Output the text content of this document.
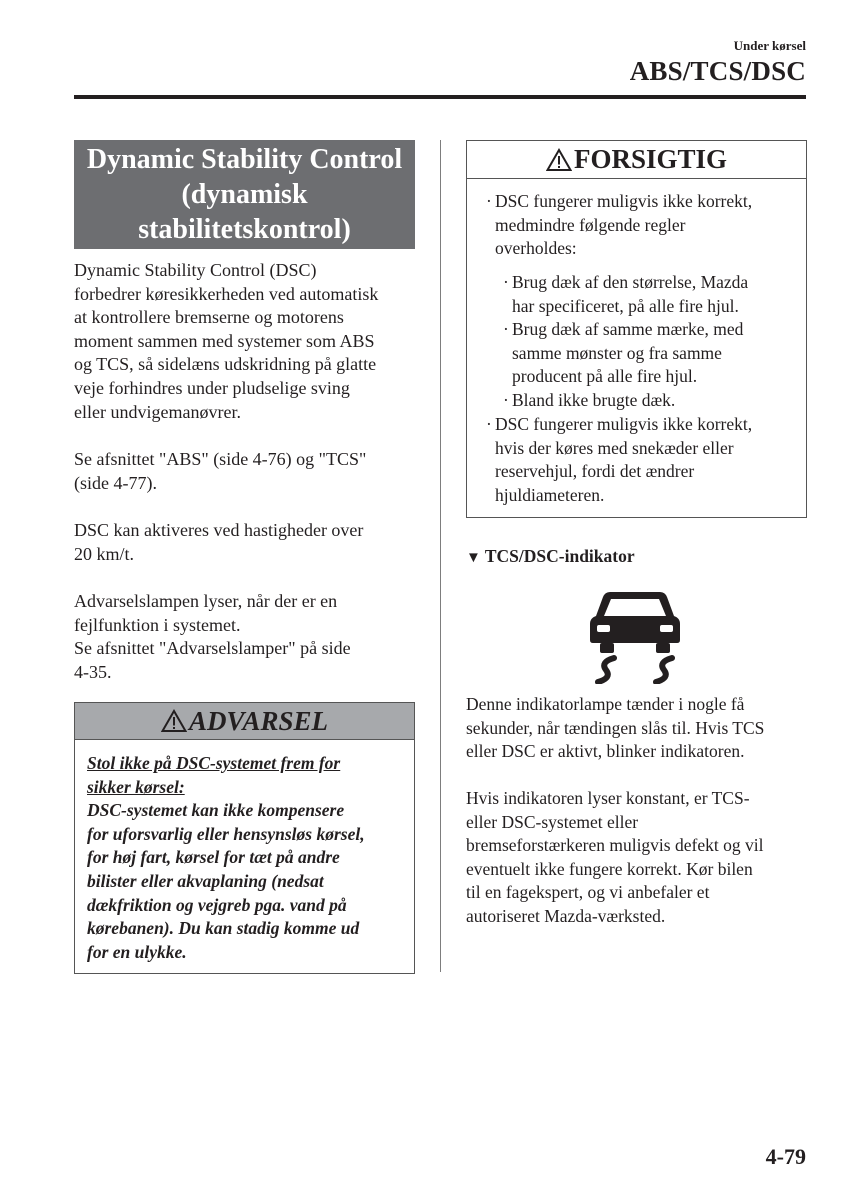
Under kørsel
ABS/TCS/DSC
Dynamic Stability Control
(dynamisk
stabilitetskontrol)
Dynamic Stability Control (DSC)
forbedrer køresikkerheden ved automatisk
at kontrollere bremserne og motorens
moment sammen med systemer som ABS
og TCS, så sidelæns udskridning på glatte
veje forhindres under pludselige sving
eller undvigemanøvrer.
Se afsnittet "ABS" (side 4-76) og "TCS"
(side 4-77).
DSC kan aktiveres ved hastigheder over
20 km/t.
Advarselslampen lyser, når der er en
fejlfunktion i systemet.
Se afsnittet "Advarselslamper" på side
4-35.
ADVARSEL
Stol ikke på DSC-systemet frem for
sikker kørsel:
DSC-systemet kan ikke kompensere
for uforsvarlig eller hensynsløs kørsel,
for høj fart, kørsel for tæt på andre
bilister eller akvaplaning (nedsat
dækfriktion og vejgreb pga. vand på
kørebanen). Du kan stadig komme ud
for en ulykke.
FORSIGTIG
· DSC fungerer muligvis ikke korrekt,
medmindre følgende regler
overholdes:
· Brug dæk af den størrelse, Mazda
har specificeret, på alle fire hjul.
· Brug dæk af samme mærke, med
samme mønster og fra samme
producent på alle fire hjul.
· Bland ikke brugte dæk.
· DSC fungerer muligvis ikke korrekt,
hvis der køres med snekæder eller
reservehjul, fordi det ændrer
hjuldiameteren.
▼ TCS/DSC-indikator
Denne indikatorlampe tænder i nogle få
sekunder, når tændingen slås til. Hvis TCS
eller DSC er aktivt, blinker indikatoren.
Hvis indikatoren lyser konstant, er TCS-
eller DSC-systemet eller
bremseforstærkeren muligvis defekt og vil
eventuelt ikke fungere korrekt. Kør bilen
til en fagekspert, og vi anbefaler et
autoriseret Mazda-værksted.
4-79
